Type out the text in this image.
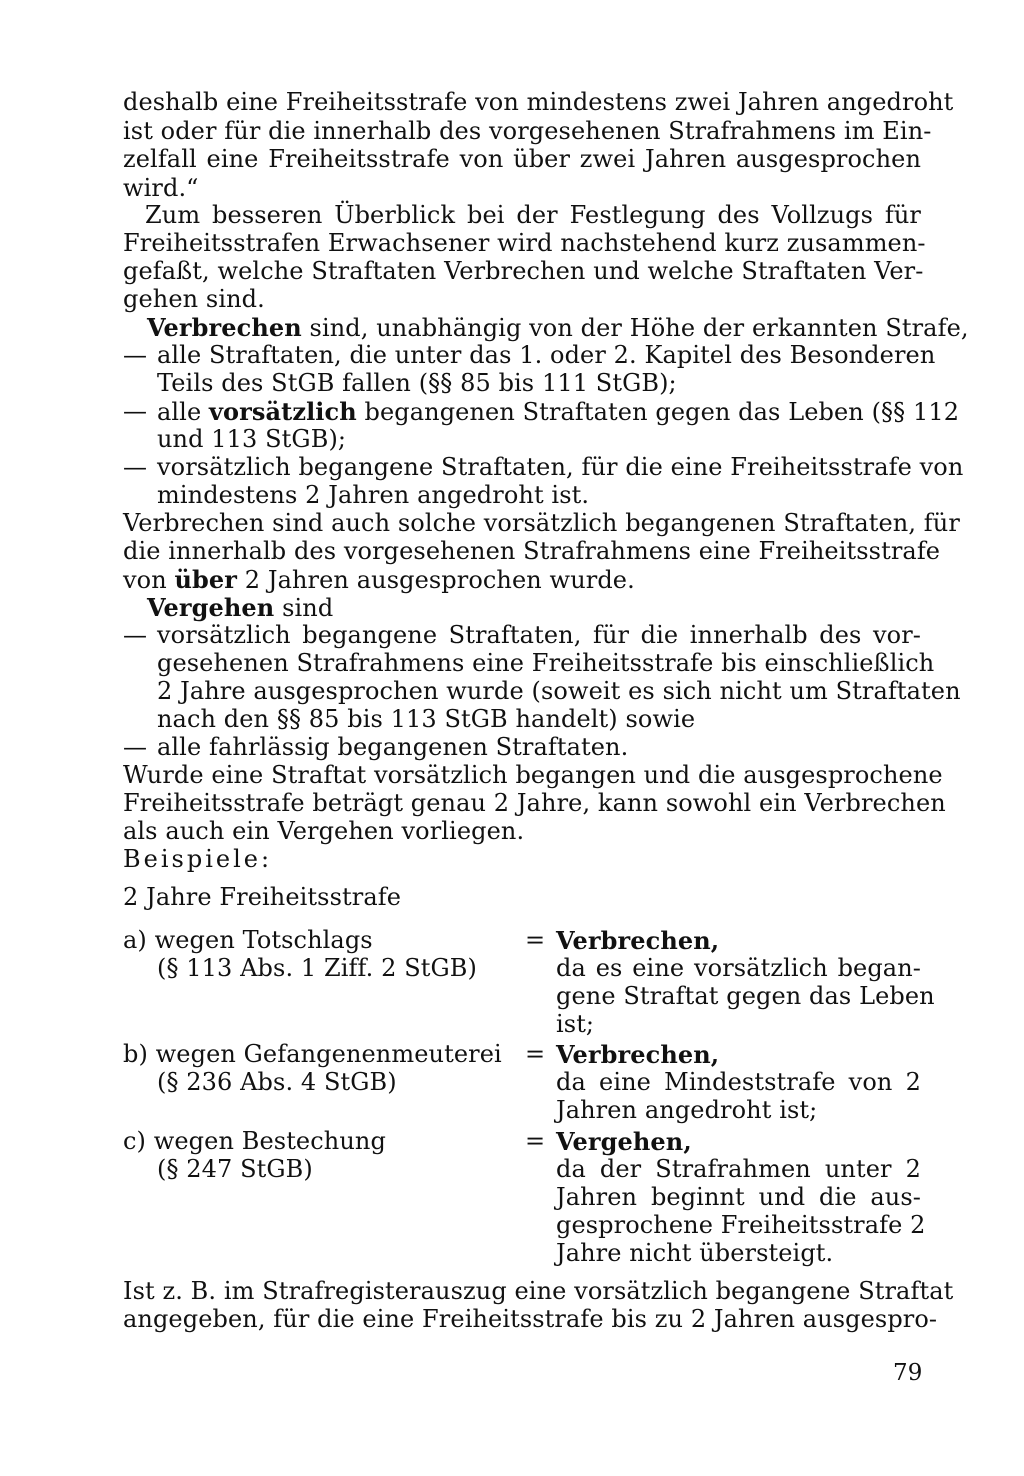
deshalb eine Freiheitsstrafe von mindestens zwei Jahren angedroht
ist oder für die innerhalb des vorgesehenen Strafrahmens im Ein-
zelfall eine Freiheitsstrafe von über zwei Jahren ausgesprochen
wird.“
Zum besseren Überblick bei der Festlegung des Vollzugs für
Freiheitsstrafen Erwachsener wird nachstehend kurz zusammen-
gefaßt, welche Straftaten Verbrechen und welche Straftaten Ver-
gehen sind.
Verbrechen sind, unabhängig von der Höhe der erkannten Strafe,
— alle Straftaten, die unter das 1. oder 2. Kapitel des Besonderen
Teils des StGB fallen (§§ 85 bis 111 StGB);
— alle vorsätzlich begangenen Straftaten gegen das Leben (§§ 112
und 113 StGB);
— vorsätzlich begangene Straftaten, für die eine Freiheitsstrafe von
mindestens 2 Jahren angedroht ist.
Verbrechen sind auch solche vorsätzlich begangenen Straftaten, für
die innerhalb des vorgesehenen Strafrahmens eine Freiheitsstrafe
von über 2 Jahren ausgesprochen wurde.
Vergehen sind
— vorsätzlich begangene Straftaten, für die innerhalb des vor-
gesehenen Strafrahmens eine Freiheitsstrafe bis einschließlich
2 Jahre ausgesprochen wurde (soweit es sich nicht um Straftaten
nach den §§ 85 bis 113 StGB handelt) sowie
— alle fahrlässig begangenen Straftaten.
Wurde eine Straftat vorsätzlich begangen und die ausgesprochene
Freiheitsstrafe beträgt genau 2 Jahre, kann sowohl ein Verbrechen
als auch ein Vergehen vorliegen.
Beispiele:
2 Jahre Freiheitsstrafe
a) wegen Totschlags
(§ 113 Abs. 1 Ziff. 2 StGB)
= Verbrechen,
da es eine vorsätzlich began-
gene Straftat gegen das Leben
ist;
b) wegen Gefangenenmeuterei
(§ 236 Abs. 4 StGB)
= Verbrechen,
da eine Mindeststrafe von 2
Jahren angedroht ist;
c) wegen Bestechung
(§ 247 StGB)
= Vergehen,
da der Strafrahmen unter 2
Jahren beginnt und die aus-
gesprochene Freiheitsstrafe 2
Jahre nicht übersteigt.
Ist z. B. im Strafregisterauszug eine vorsätzlich begangene Straftat
angegeben, für die eine Freiheitsstrafe bis zu 2 Jahren ausgespro-
79
